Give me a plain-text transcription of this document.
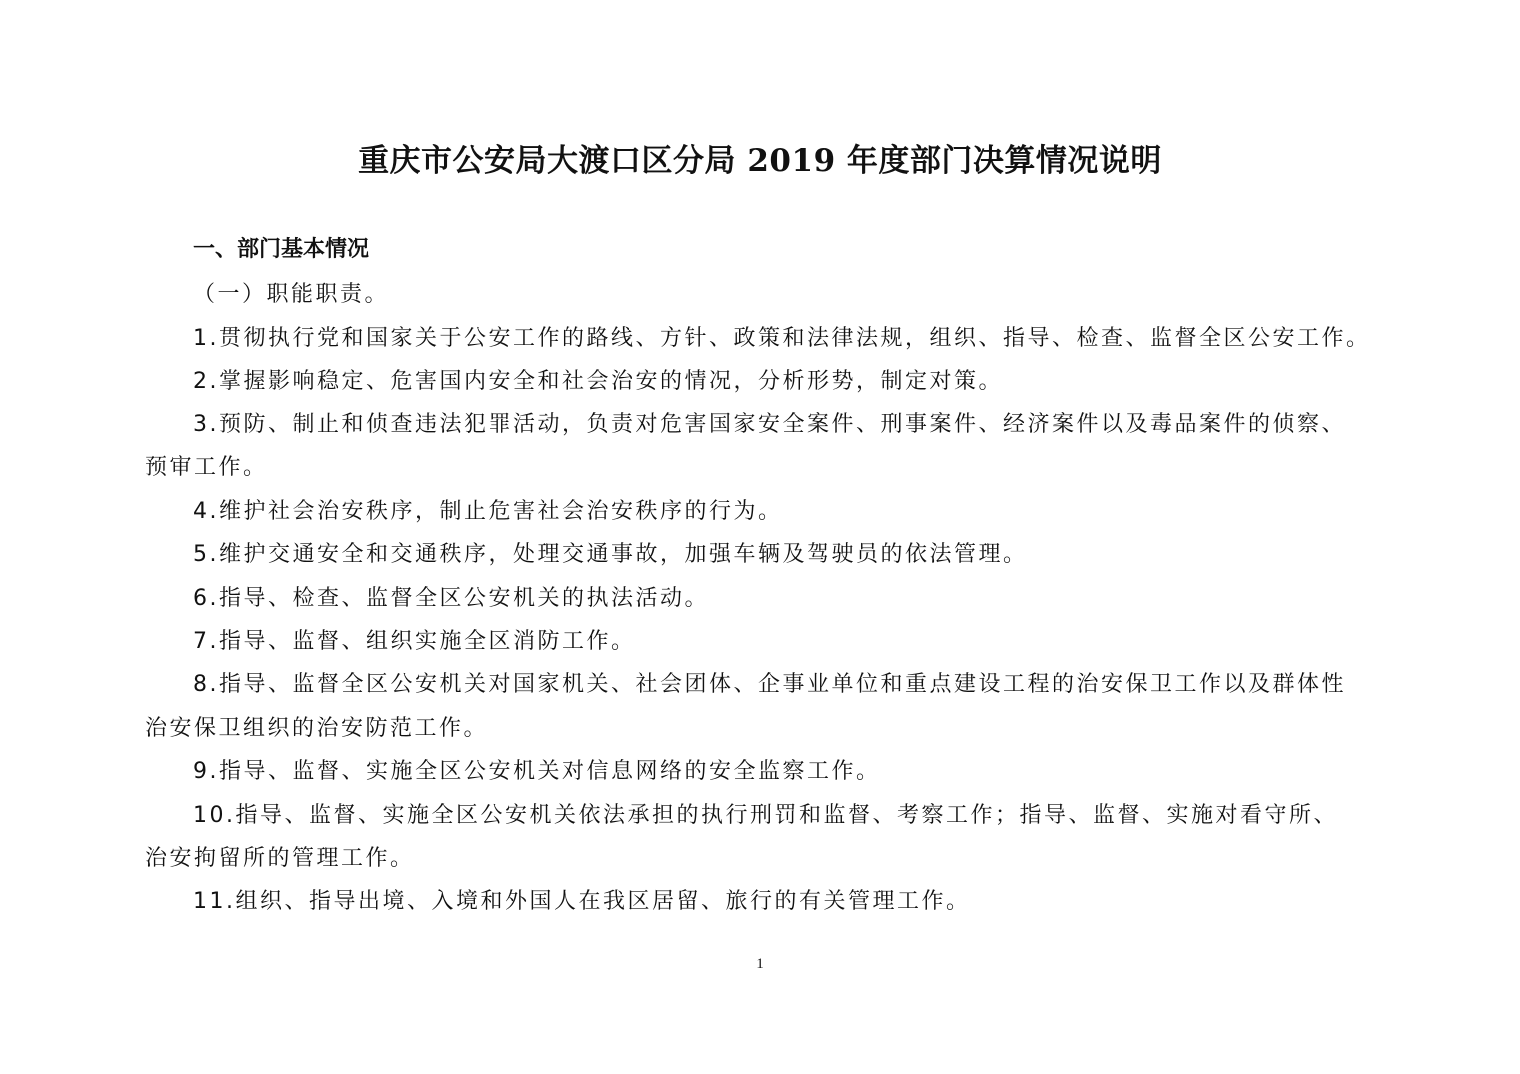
重庆市公安局大渡口区分局 2019 年度部门决算情况说明
一、部门基本情况
（一）职能职责。
1.贯彻执行党和国家关于公安工作的路线、方针、政策和法律法规，组织、指导、检查、监督全区公安工作。
2.掌握影响稳定、危害国内安全和社会治安的情况，分析形势，制定对策。
3.预防、制止和侦查违法犯罪活动，负责对危害国家安全案件、刑事案件、经济案件以及毒品案件的侦察、
预审工作。
4.维护社会治安秩序，制止危害社会治安秩序的行为。
5.维护交通安全和交通秩序，处理交通事故，加强车辆及驾驶员的依法管理。
6.指导、检查、监督全区公安机关的执法活动。
7.指导、监督、组织实施全区消防工作。
8.指导、监督全区公安机关对国家机关、社会团体、企事业单位和重点建设工程的治安保卫工作以及群体性
治安保卫组织的治安防范工作。
9.指导、监督、实施全区公安机关对信息网络的安全监察工作。
10.指导、监督、实施全区公安机关依法承担的执行刑罚和监督、考察工作；指导、监督、实施对看守所、
治安拘留所的管理工作。
11.组织、指导出境、入境和外国人在我区居留、旅行的有关管理工作。
1
